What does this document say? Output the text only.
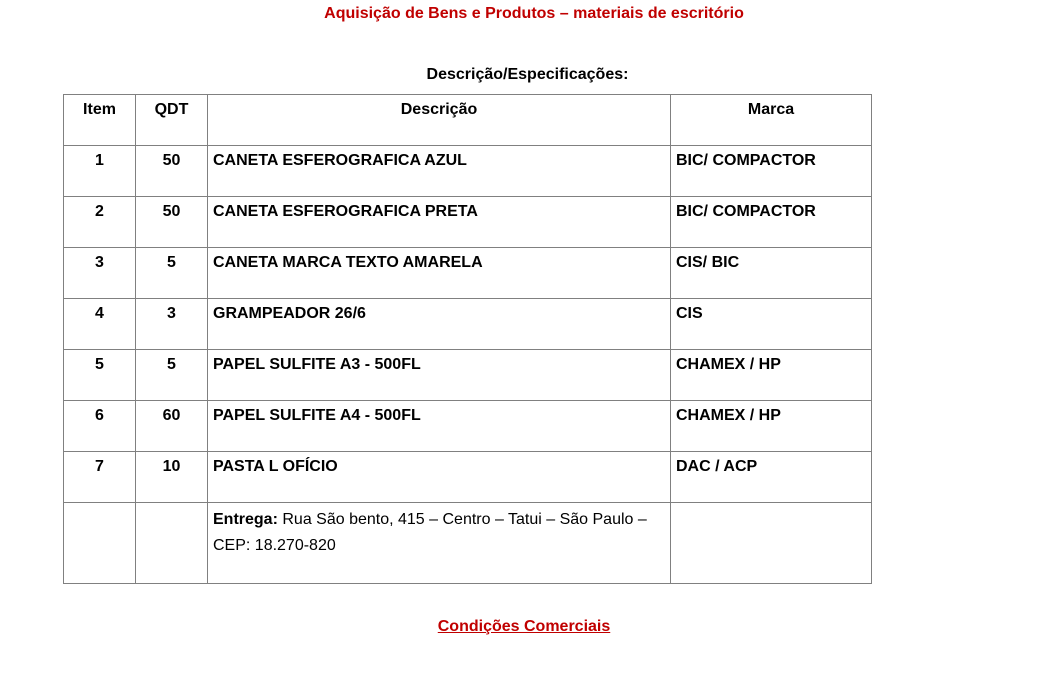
Aquisição de Bens e Produtos – materiais de escritório
Descrição/Especificações:
Item	QDT	Descrição	Marca
1	50	CANETA ESFEROGRAFICA AZUL	BIC/ COMPACTOR
2	50	CANETA ESFEROGRAFICA PRETA	BIC/ COMPACTOR
3	5	CANETA MARCA TEXTO AMARELA	CIS/ BIC
4	3	GRAMPEADOR 26/6	CIS
5	5	PAPEL SULFITE A3 - 500FL	CHAMEX / HP
6	60	PAPEL SULFITE A4 - 500FL	CHAMEX / HP
7	10	PASTA L OFÍCIO	DAC / ACP
		Entrega: Rua São bento, 415 – Centro – Tatui – São Paulo – CEP: 18.270-820	
Condições Comerciais
